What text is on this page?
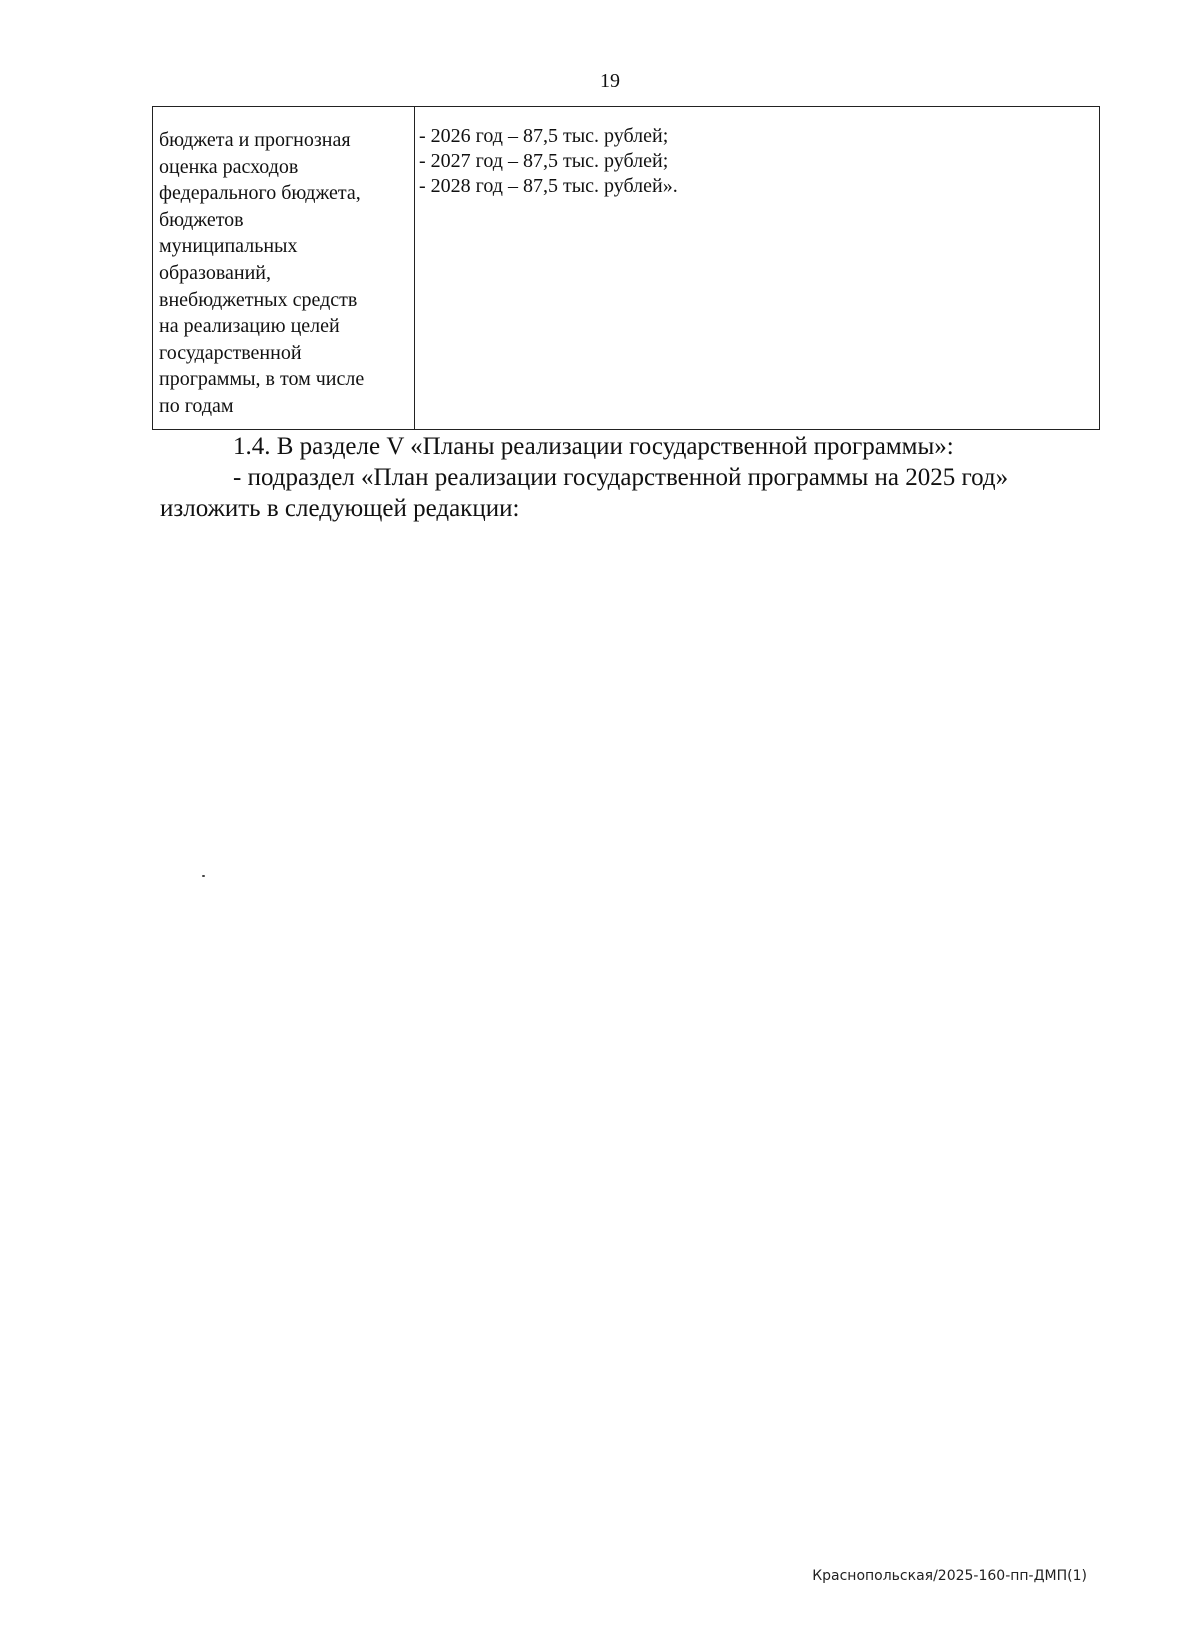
19
бюджета и прогнозная
оценка расходов
федерального бюджета,
бюджетов
муниципальных
образований,
внебюджетных средств
на реализацию целей
государственной
программы, в том числе
по годам
- 2026 год – 87,5 тыс. рублей;
- 2027 год – 87,5 тыс. рублей;
- 2028 год – 87,5 тыс. рублей».
1.4. В разделе V «Планы реализации государственной программы»:
- подраздел «План реализации государственной программы на 2025 год»
изложить в следующей редакции:
Краснопольская/2025-160-пп-ДМП(1)
